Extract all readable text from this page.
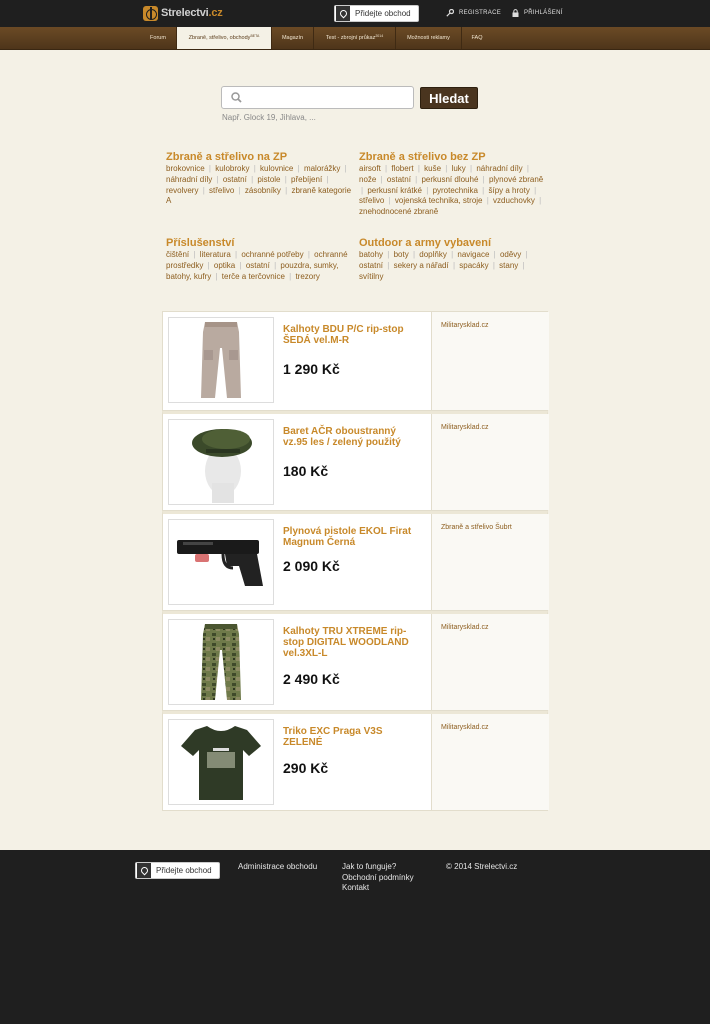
Strelectvi.cz	Přidejte obchod	REGISTRACE	PŘIHLÁŠENÍ
Forum	Zbraně, střelivo, obchody$^{BETA}$	Magazín	Test - zbrojní průkaz$^{2014}$	Možnosti reklamy	FAQ
Hledat
Např. Glock 19, Jihlava, ...
Zbraně a střelivo na ZP
brokovnice | kulobroky | kulovnice | malorážky | náhradní díly | ostatní | pistole | přebíjení | revolvery | střelivo | zásobníky | zbraně kategorie A
Zbraně a střelivo bez ZP
airsoft | flobert | kuše | luky | náhradní díly | nože | ostatní | perkusní dlouhé | plynové zbraně | perkusní krátké | pyrotechnika | šípy a hroty | střelivo | vojenská technika, stroje | vzduchovky | znehodnocené zbraně
Příslušenství
čištění | literatura | ochranné potřeby | ochranné prostředky | optika | ostatní | pouzdra, sumky, batohy, kufry | terče a terčovnice | trezory
Outdoor a army vybavení
batohy | boty | doplňky | navigace | oděvy | ostatní | sekery a nářadí | spacáky | stany | svítilny
Kalhoty BDU P/C rip-stop ŠEDÁ vel.M-R
1 290 Kč
Militarysklad.cz
Baret AČR oboustranný vz.95 les / zelený použitý
180 Kč
Militarysklad.cz
Plynová pistole EKOL Firat Magnum Černá
2 090 Kč
Zbraně a střelivo Šubrt
Kalhoty TRU XTREME rip-stop DIGITAL WOODLAND vel.3XL-L
2 490 Kč
Militarysklad.cz
Triko EXC Praga V3S ZELENÉ
290 Kč
Militarysklad.cz
Přidejte obchod	Administrace obchodu	Jak to funguje?
Obchodní podmínky
Kontakt
© 2014 Strelectvi.cz
